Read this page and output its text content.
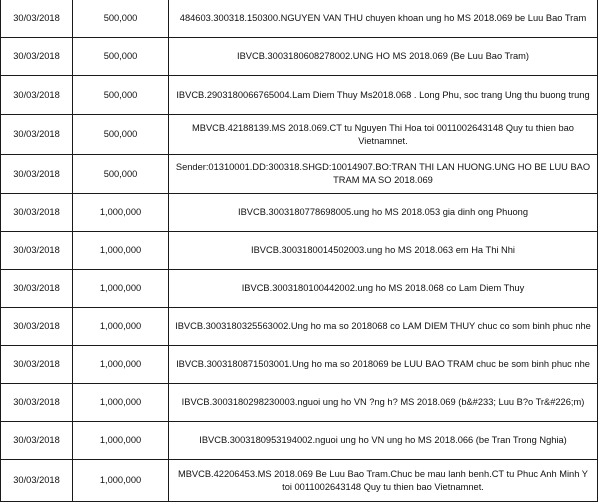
30/03/2018	500,000	484603.300318.150300.NGUYEN VAN THU chuyen khoan ung ho MS 2018.069 be Luu Bao Tram
30/03/2018	500,000	IBVCB.3003180608278002.UNG HO MS 2018.069 (Be Luu Bao Tram)
30/03/2018	500,000	IBVCB.2903180066765004.Lam Diem Thuy Ms2018.068 . Long Phu, soc trang Ung thu buong trung
30/03/2018	500,000	MBVCB.42188139.MS 2018.069.CT tu Nguyen Thi Hoa toi 0011002643148 Quy tu thien bao Vietnamnet.
30/03/2018	500,000	Sender:01310001.DD:300318.SHGD:10014907.BO:TRAN THI LAN HUONG.UNG HO BE LUU BAO TRAM MA SO 2018.069
30/03/2018	1,000,000	IBVCB.3003180778698005.ung ho MS 2018.053 gia dinh ong Phuong
30/03/2018	1,000,000	IBVCB.3003180014502003.ung ho MS 2018.063 em Ha Thi Nhi
30/03/2018	1,000,000	IBVCB.3003180100442002.ung ho MS 2018.068 co Lam Diem Thuy
30/03/2018	1,000,000	IBVCB.3003180325563002.Ung ho ma so 2018068 co LAM DIEM THUY chuc co som binh phuc nhe
30/03/2018	1,000,000	IBVCB.3003180871503001.Ung ho ma so 2018069 be LUU BAO TRAM chuc be som binh phuc nhe
30/03/2018	1,000,000	IBVCB.3003180298230003.nguoi ung ho VN ?ng h? MS 2018.069 (b&#233; Luu B?o Tr&#226;m)
30/03/2018	1,000,000	IBVCB.3003180953194002.nguoi ung ho VN ung ho MS 2018.066 (be Tran Trong Nghia)
30/03/2018	1,000,000	MBVCB.42206453.MS 2018.069 Be Luu Bao Tram.Chuc be mau lanh benh.CT tu Phuc Anh Minh Y toi 0011002643148 Quy tu thien bao Vietnamnet.
